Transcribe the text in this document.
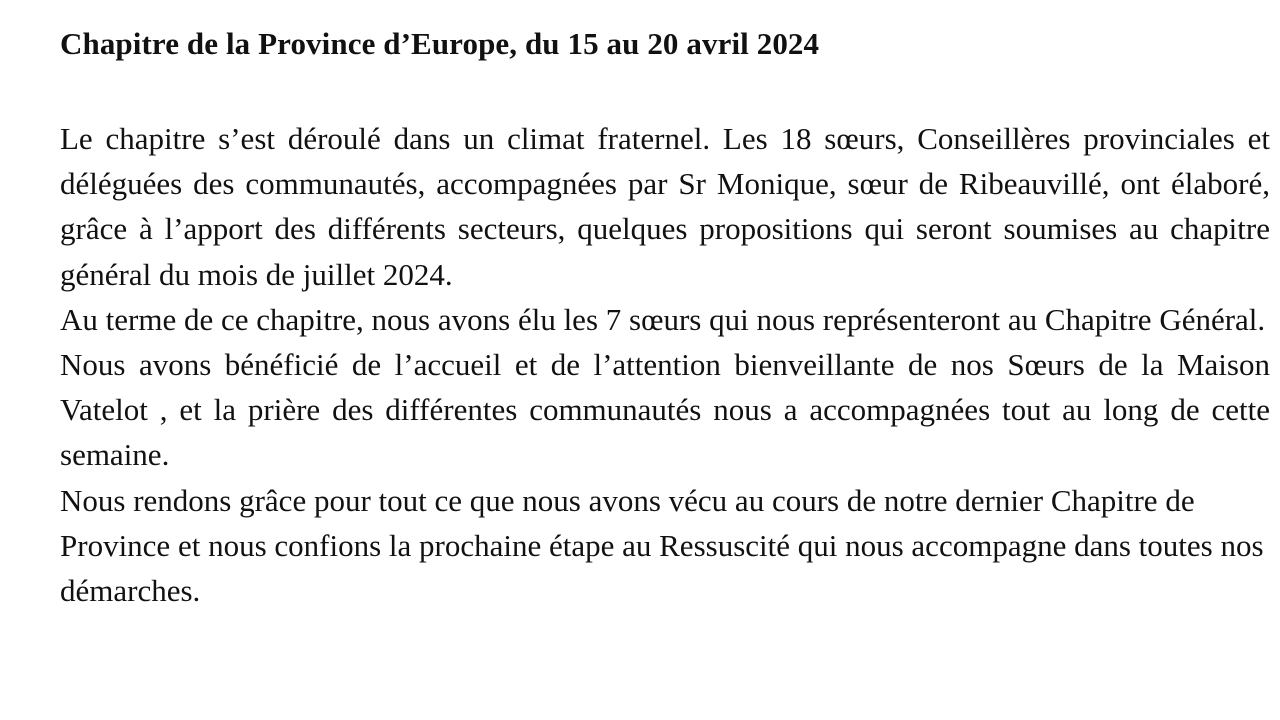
Chapitre de la Province d’Europe, du 15 au 20 avril 2024

Le chapitre s’est déroulé dans un climat fraternel. Les 18 sœurs, Conseillères provinciales et déléguées des communautés, accompagnées par Sr Monique, sœur de Ribeauvillé, ont élaboré, grâce à l’apport des différents secteurs, quelques propositions qui seront soumises au chapitre général du mois de juillet 2024.

Au terme de ce chapitre, nous avons élu les 7 sœurs qui nous représenteront au Chapitre Général.

Nous avons bénéficié de l’accueil et de l’attention bienveillante de nos Sœurs de la Maison Vatelot , et la prière des différentes communautés nous a accompagnées tout au long de cette semaine.

Nous rendons grâce pour tout ce que nous avons vécu au cours de notre dernier Chapitre de Province et nous confions la prochaine étape au Ressuscité qui nous accompagne dans toutes nos démarches.
